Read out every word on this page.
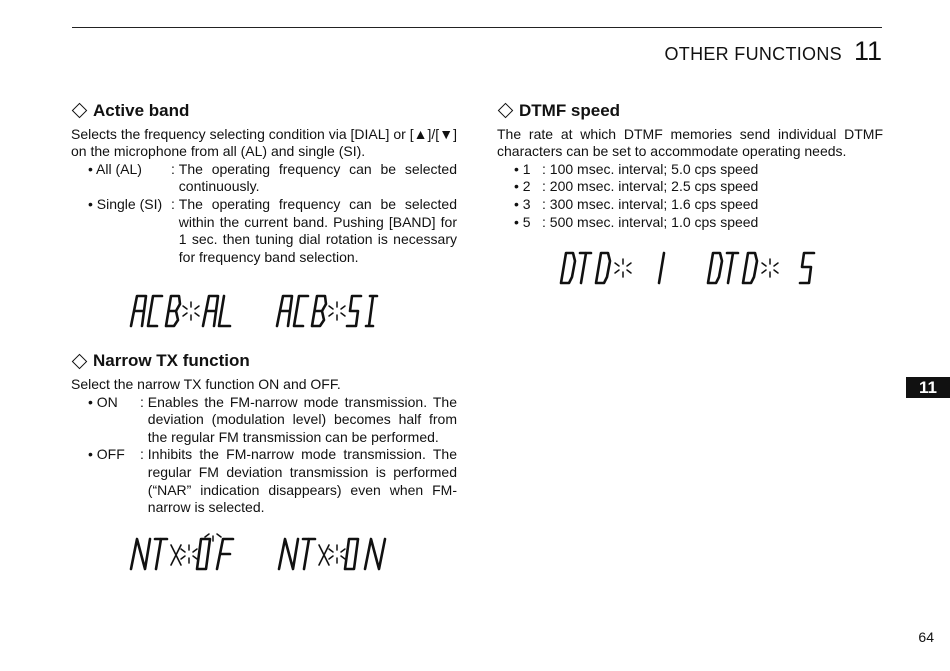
OTHER FUNCTIONS 11
Active band

Selects the frequency selecting condition via [DIAL] or [▲]/[▼] on the microphone from all (AL) and single (SI).

• All (AL)	: The operating frequency can be selected continuously.
• Single (SI) : The operating frequency can be selected within the current band. Pushing [BAND] for 1 sec. then tuning dial rotation is necessary for frequency band selection.
Narrow TX function

Select the narrow TX function ON and OFF.

• ON	: Enables the FM-narrow mode transmission. The deviation (modulation level) becomes half from the regular FM transmission can be performed.
• OFF	: Inhibits the FM-narrow mode transmission. The regular FM deviation transmission is performed (“NAR” indication disappears) even when FM-narrow is selected.
DTMF speed

The rate at which DTMF memories send individual DTMF characters can be set to accommodate operating needs.

• 1 : 100 msec. interval; 5.0 cps speed
• 2 : 200 msec. interval; 2.5 cps speed
• 3 : 300 msec. interval; 1.6 cps speed
• 5 : 500 msec. interval; 1.0 cps speed
11
64
